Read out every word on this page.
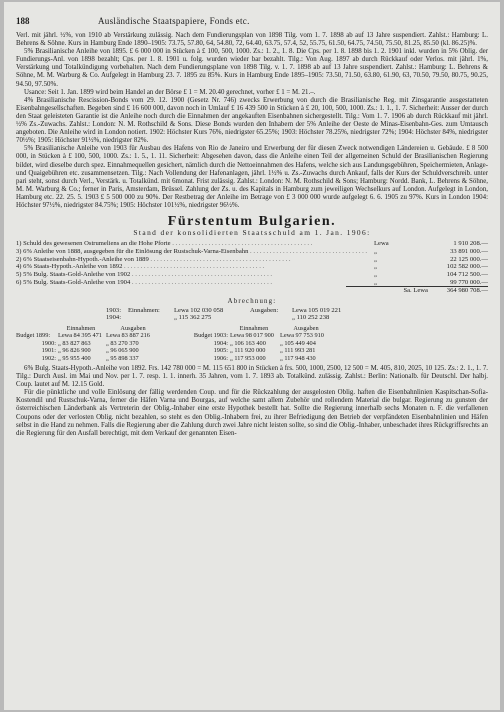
188	Ausländische Staatspapiere, Fonds etc.

Verl. mit jährl. ½%, von 1910 ab Verstärkung zulässig. Nach dem Fundierungsplan von 1898 Tilg. vom 1. 7. 1898 ab auf 13 Jahre suspendiert. Zahlst.: Hamburg: L. Behrens & Söhne. Kurs in Hamburg Ende 1890–1905: 73.75, 57.80, 64, 54.80, 72, 64.40, 63.75, 57.4, 52, 55.75, 61.50, 64.75, 74.50, 75.50, 81.25, 85.50 (kl. 86.25)%.

5% Brasilianische Anleihe von 1895. £ 6 000 000 in Stücken à £ 100, 500, 1000. Zs.: 1. 2., 1. 8. Die Cps. per 1. 8. 1898 bis 1. 2. 1901 inkl. wurden in 5% Oblig. der Fundierungs-Anl. von 1898 bezahlt; Cps. per 1. 8. 1901 u. folg. wurden wieder bar bezahlt. Tilg.: Von Aug. 1897 ab durch Rückkauf oder Verlos. mit jährl. 1%, Verstärkung und Totalkündigung vorbehalten. Nach dem Fundierungsplane von 1898 Tilg. v. 1. 7. 1898 ab auf 13 Jahre suspendiert. Zahlst.: Hamburg: L. Behrens & Söhne, M. M. Warburg & Co. Aufgelegt in Hamburg 23. 7. 1895 zu 85%. Kurs in Hamburg Ende 1895–1905: 73.50, 71.50, 63.80, 61.90, 63, 70.50, 79.50, 80.75, 90.25, 94.50, 97.50%.

Usance: Seit 1. Jan. 1899 wird beim Handel an der Börse £ 1 = M. 20.40 gerechnet, vorher £ 1 = M. 21.–.

4% Brasilianische Rescission-Bonds vom 29. 12. 1900 (Gesetz Nr. 746) zwecks Erwerbung von durch die Brasilianische Reg. mit Zinsgarantie ausgestatteten Eisenbahngesellschaften. Begeben sind £ 16 600 000, davon noch in Umlauf £ 16 439 500 in Stücken à £ 20, 100, 500, 1000. Zs.: 1. 1., 1. 7. Sicherheit: Ausser der durch den Staat geleisteten Garantie ist die Anleihe noch durch die Einnahmen der angekauften Eisenbahnen sichergestellt. Tilg.: Vom 1. 7. 1906 ab durch Rückkauf mit jährl. ½% Zs.-Zuwachs. Zahlst.: London: N. M. Rothschild & Sons. Diese Bonds wurden den Inhabern der 5% Anleihe der Oeste de Minas-Eisenbahn-Ges. zum Umtausch angeboten. Die Anleihe wird in London notiert. 1902: Höchster Kurs 76%, niedrigster 65.25%; 1903: Höchster 78.25%, niedrigster 72%; 1904: Höchster 84%, niedrigster 70½%; 1905: Höchster 91½%, niedrigster 82%.

5% Brasilianische Anleihe von 1903 für Ausbau des Hafens von Rio de Janeiro und Erwerbung der für diesen Zweck notwendigen Ländereien u. Gebäude. £ 8 500 000, in Stücken à £ 100, 500, 1000. Zs.: 1. 5., 1. 11. Sicherheit: Abgesehen davon, dass die Anleihe einen Teil der allgemeinen Schuld der Brasilianischen Regierung bildet, wird dieselbe durch spez. Einnahmequellen gesichert, nämlich durch die Nettoeinnahmen des Hafens, welche sich aus Landungsgebühren, Speichermieten, Anlage- und Quaigebühren etc. zusammensetzen. Tilg.: Nach Vollendung der Hafenanlagen, jährl. 1½% u. Zs.-Zuwachs durch Ankauf, falls der Kurs der Schuldverschreib. unter pari steht, sonst durch Verl., Verstärk. u. Totalkünd. mit 6monat. Frist zulässig. Zahlst.: London: N. M. Rothschild & Sons; Hamburg: Nordd. Bank, L. Behrens & Söhne, M. M. Warburg & Co.; ferner in Paris, Amsterdam, Brüssel. Zahlung der Zs. u. des Kapitals in Hamburg zum jeweiligen Wechselkurs auf London. Aufgelegt in London, Hamburg etc. 22. 25. 5. 1903 £ 5 500 000 zu 90%. Der Restbetrag der Anleihe im Betrage von £ 3 000 000 wurde aufgelegt 6. 6. 1905 zu 97%. Kurs in London 1904: Höchster 97½%, niedrigster 84.75%; 1905: Höchster 101½%, niedrigster 96½%.

Fürstentum Bulgarien.
Stand der konsolidierten Staatsschuld am 1. Jan. 1906:
1) Schuld des gewesenen Ostrumeliens an die Hohe Pforte . . .	Lewa	1 910 208.—
3) 6% Anleihe von 1888, ausgegeben für die Einlösung der Rustschuk-Varna-Eisenbahn . . .	„	33 891 000.—
2) 6% Staatseisenbahn-Hypoth.-Anleihe von 1889 . . .	„	22 125 000.—
4) 6% Staats-Hypoth.-Anleihe von 1892 . . .	„	102 582 000.—
5) 5% Bulg. Staats-Gold-Anleihe von 1902 . . .	„	104 712 500.—
6) 5% Bulg. Staats-Gold-Anleihe von 1904 . . .	„	99 770 000.—
Sa. Lewa	364 980 708.—
Abrechnung:
1903:	Einnahmen:	Lewa 102 030 058	Ausgaben:	Lewa 105 019 221
1904:	„ 115 362 275	„ 110 252 238
Einnahmen	Ausgaben	Einnahmen	Ausgaben
Budget 1899:	Lewa 84 395 471 Lewa 83 887 216	Budget 1903: Lewa 98 017 900 Lewa 97 753 910
1900: „ 83 827 863	„ 83 270 370	1904: „ 106 163 400	„ 105 449 404
1901: „ 96 826 900	„ 96 065 900	1905: „ 111 920 000	„ 111 993 281
1902: „ 95 955 400	„ 95 898 337	1906: „ 117 953 000	„ 117 948 430

6% Bulg. Staats-Hypoth.-Anleihe von 1892. Frs. 142 780 000 = M. 115 651 800 in Stücken à frs. 500, 1000, 2500, 12 500 = M. 405, 810, 2025, 10 125. Zs.: 2. 1., 1. 7. Tilg.: Durch Ausl. im Mai und Nov. per 1. 7. resp. 1. 1. innerh. 35 Jahren, vom 1. 7. 1893 ab. Totalkünd. zulässig. Zahlst.: Berlin: Nationalb. für Deutschl. Der halbj. Coup. lautet auf M. 12.15 Gold.

Für die pünktliche und volle Einlösung der fällig werdenden Coup. und für die Rückzahlung der ausgelosten Oblig. haften die Eisenbahnlinien Kaspitschan-Sofia-Kostendil und Rustschuk-Varna, ferner die Häfen Varna und Bourgas, auf welche samt allem Zubehör und rollendem Material die bulgar. Regierung zu gunsten der österreichischen Länderbank als Vertreterin der Oblig.-Inhaber eine erste Hypothek bestellt hat. Sollte die Regierung innerhalb sechs Monaten n. F. die verfallenen Coupons oder der verlosten Oblig. nicht bezahlen, so steht es den Oblig.-Inhabern frei, zu ihrer Befriedigung den Betrieb der verpfändeten Eisenbahnlinien und Häfen selbst in die Hand zu nehmen. Falls die Regierung aber die Zahlung durch zwei Jahre nicht leisten sollte, so sind die Oblig.-Inhaber, unbeschadet ihres Rückgriffsrechts an die Regierung für den Ausfall berechtigt, mit dem Verkauf der genannten Eisen-
